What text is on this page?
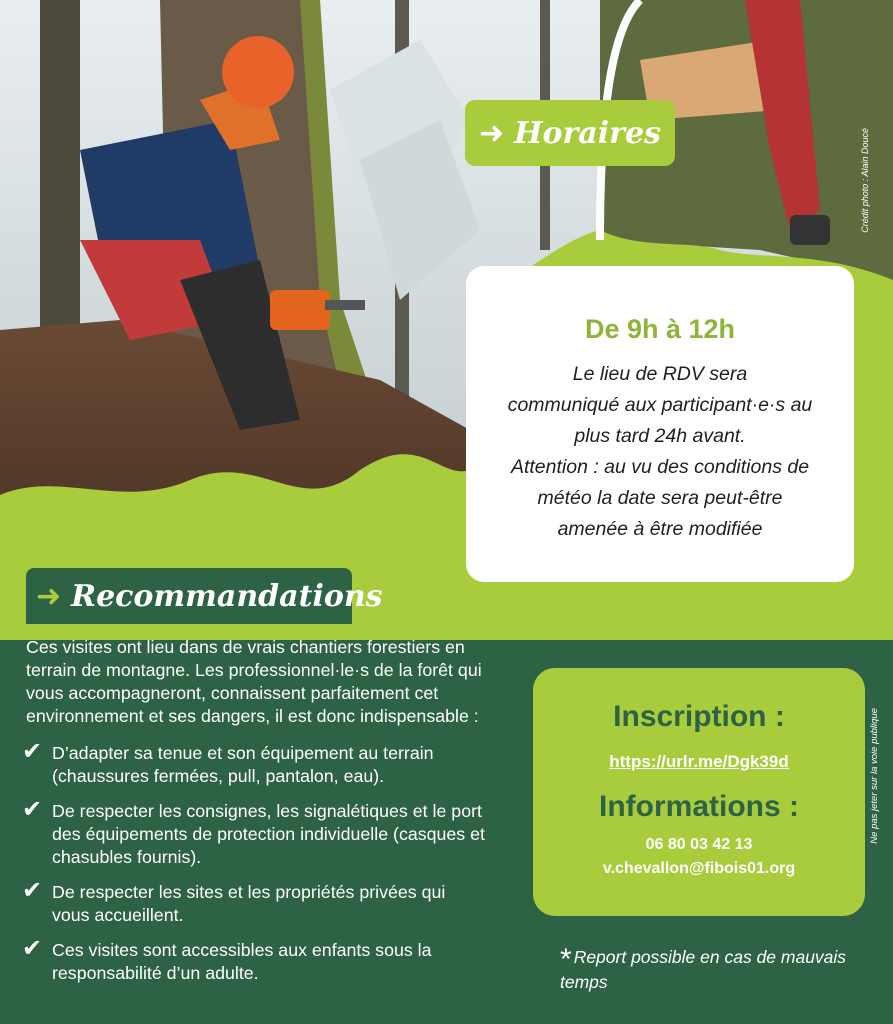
➜ Horaires
De 9h à 12h
Le lieu de RDV sera
communiqué aux participant·e·s au
plus tard 24h avant.
Attention : au vu des conditions de
météo la date sera peut-être
amenée à être modifiée
➜ Recommandations
Ces visites ont lieu dans de vrais chantiers forestiers en terrain de montagne. Les professionnel·le·s de la forêt qui vous accompagneront, connaissent parfaitement cet environnement et ses dangers, il est donc indispensable :
✔ D’adapter sa tenue et son équipement au terrain (chaussures fermées, pull, pantalon, eau).
✔ De respecter les consignes, les signalétiques et le port des équipements de protection individuelle (casques et chasubles fournis).
✔ De respecter les sites et les propriétés privées qui vous accueillent.
✔ Ces visites sont accessibles aux enfants sous la responsabilité d’un adulte.
Inscription :
https://urlr.me/Dgk39d
Informations :
06 80 03 42 13
v.chevallon@fibois01.org
* Report possible en cas de mauvais temps
Crédit photo : Alain Doucé
Ne pas jeter sur la voie publique
